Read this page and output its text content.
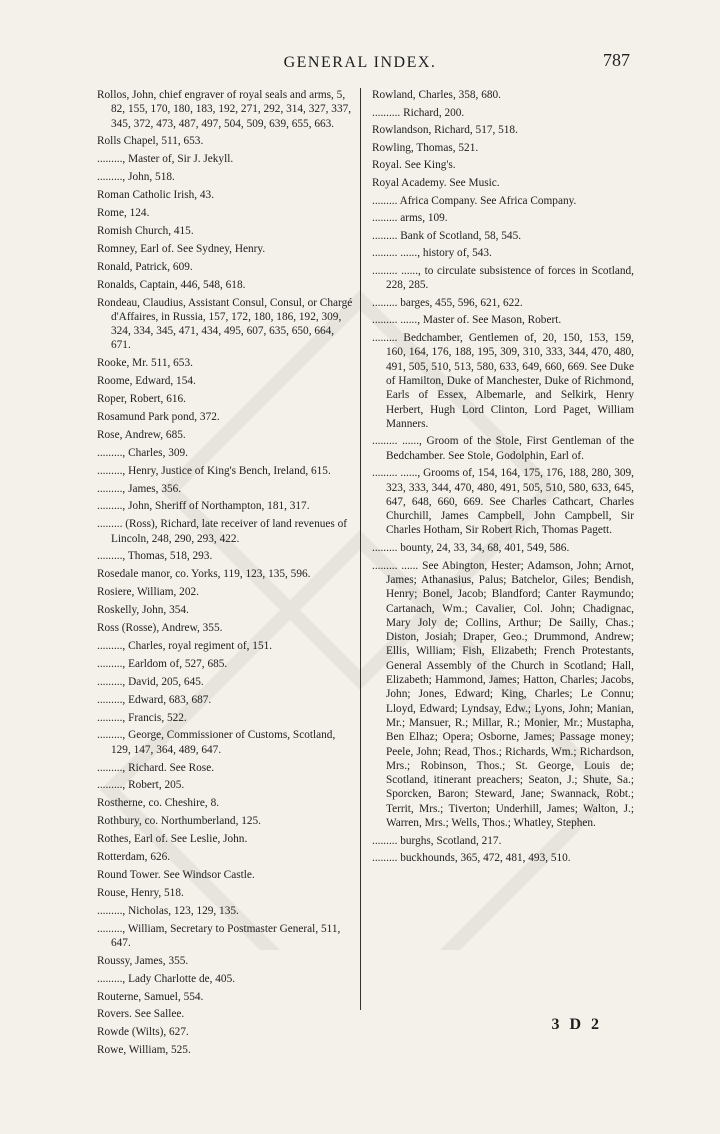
GENERAL INDEX.	787

Rollos, John, chief engraver of royal seals and arms, 5, 82, 155, 170, 180, 183, 192, 271, 292, 314, 327, 337, 345, 372, 473, 487, 497, 504, 509, 639, 655, 663.

Rolls Chapel, 511, 653.

........., Master of, Sir J. Jekyll.

........., John, 518.

Roman Catholic Irish, 43.

Rome, 124.

Romish Church, 415.

Romney, Earl of. See Sydney, Henry.

Ronald, Patrick, 609.

Ronalds, Captain, 446, 548, 618.

Rondeau, Claudius, Assistant Consul, Consul, or Chargé d'Affaires, in Russia, 157, 172, 180, 186, 192, 309, 324, 334, 345, 471, 434, 495, 607, 635, 650, 664, 671.

Rooke, Mr. 511, 653.

Roome, Edward, 154.

Roper, Robert, 616.

Rosamund Park pond, 372.

Rose, Andrew, 685.

........., Charles, 309.

........., Henry, Justice of King's Bench, Ireland, 615.

........., James, 356.

........., John, Sheriff of Northampton, 181, 317.

......... (Ross), Richard, late receiver of land revenues of Lincoln, 248, 290, 293, 422.

........., Thomas, 518, 293.

Rosedale manor, co. Yorks, 119, 123, 135, 596.

Rosiere, William, 202.

Roskelly, John, 354.

Ross (Rosse), Andrew, 355.

........., Charles, royal regiment of, 151.

........., Earldom of, 527, 685.

........., David, 205, 645.

........., Edward, 683, 687.

........., Francis, 522.

........., George, Commissioner of Customs, Scotland, 129, 147, 364, 489, 647.

........., Richard. See Rose.

........., Robert, 205.

Rostherne, co. Cheshire, 8.

Rothbury, co. Northumberland, 125.

Rothes, Earl of. See Leslie, John.

Rotterdam, 626.

Round Tower. See Windsor Castle.

Rouse, Henry, 518.

........., Nicholas, 123, 129, 135.

........., William, Secretary to Postmaster General, 511, 647.

Roussy, James, 355.

........., Lady Charlotte de, 405.

Routerne, Samuel, 554.

Rovers. See Sallee.

Rowde (Wilts), 627.

Rowe, William, 525.

Rowland, Charles, 358, 680.

.......... Richard, 200.

Rowlandson, Richard, 517, 518.

Rowling, Thomas, 521.

Royal. See King's.

Royal Academy. See Music.

......... Africa Company. See Africa Company.

......... arms, 109.

......... Bank of Scotland, 58, 545.

......... ......, history of, 543.

......... ......, to circulate subsistence of forces in Scotland, 228, 285.

......... barges, 455, 596, 621, 622.

......... ......, Master of. See Mason, Robert.

......... Bedchamber, Gentlemen of, 20, 150, 153, 159, 160, 164, 176, 188, 195, 309, 310, 333, 344, 470, 480, 491, 505, 510, 513, 580, 633, 649, 660, 669. See Duke of Hamilton, Duke of Manchester, Duke of Richmond, Earls of Essex, Albemarle, and Selkirk, Henry Herbert, Hugh Lord Clinton, Lord Paget, William Manners.

......... ......, Groom of the Stole, First Gentleman of the Bedchamber. See Stole, Godolphin, Earl of.

......... ......, Grooms of, 154, 164, 175, 176, 188, 280, 309, 323, 333, 344, 470, 480, 491, 505, 510, 580, 633, 645, 647, 648, 660, 669. See Charles Cathcart, Charles Churchill, James Campbell, John Campbell, Sir Charles Hotham, Sir Robert Rich, Thomas Pagett.

......... bounty, 24, 33, 34, 68, 401, 549, 586.

......... ...... See Abington, Hester; Adamson, John; Arnot, James; Athanasius, Palus; Batchelor, Giles; Bendish, Henry; Bonel, Jacob; Blandford; Canter Raymundo; Cartanach, Wm.; Cavalier, Col. John; Chadignac, Mary Joly de; Collins, Arthur; De Sailly, Chas.; Diston, Josiah; Draper, Geo.; Drummond, Andrew; Ellis, William; Fish, Elizabeth; French Protestants, General Assembly of the Church in Scotland; Hall, Elizabeth; Hammond, James; Hatton, Charles; Jacobs, John; Jones, Edward; King, Charles; Le Connu; Lloyd, Edward; Lyndsay, Edw.; Lyons, John; Manian, Mr.; Mansuer, R.; Millar, R.; Monier, Mr.; Mustapha, Ben Elhaz; Opera; Osborne, James; Passage money; Peele, John; Read, Thos.; Richards, Wm.; Richardson, Mrs.; Robinson, Thos.; St. George, Louis de; Scotland, itinerant preachers; Seaton, J.; Shute, Sa.; Sporcken, Baron; Steward, Jane; Swannack, Robt.; Territ, Mrs.; Tiverton; Underhill, James; Walton, J.; Warren, Mrs.; Wells, Thos.; Whatley, Stephen.

......... burghs, Scotland, 217.

......... buckhounds, 365, 472, 481, 493, 510.

3 D 2
